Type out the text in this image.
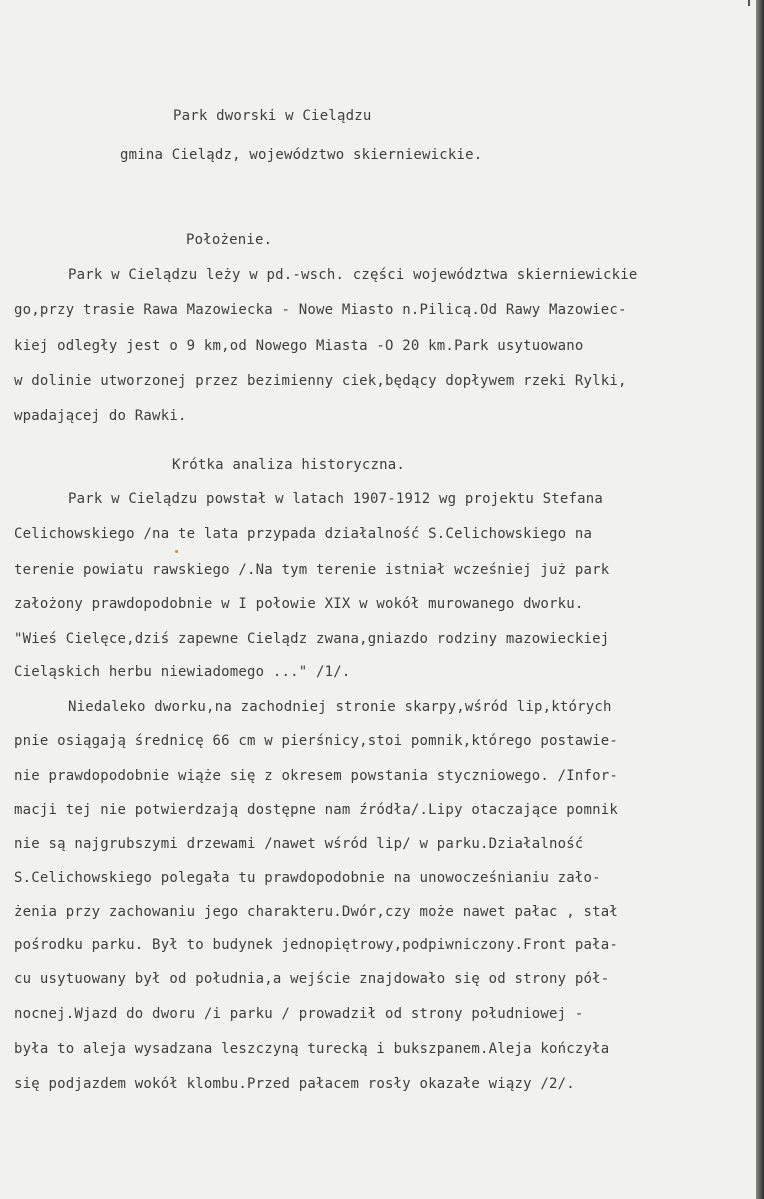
Park dworski w Cielądzu
gmina Cielądz, województwo skierniewickie.
Położenie.
Park w Cielądzu leży w pd.-wsch. części województwa skierniewickie
go,przy trasie Rawa Mazowiecka - Nowe Miasto n.Pilicą.Od Rawy Mazowiec-
kiej odległy jest o 9 km,od Nowego Miasta -O 20 km.Park usytuowano
w dolinie utworzonej przez bezimienny ciek,będący dopływem rzeki Rylki,
wpadającej do Rawki.
Krótka analiza historyczna.
Park w Cielądzu powstał w latach 1907-1912 wg projektu Stefana
Celichowskiego /na te lata przypada działalność S.Celichowskiego na
terenie powiatu rawskiego /.Na tym terenie istniał wcześniej już park
założony prawdopodobnie w I połowie XIX w wokół murowanego dworku.
"Wieś Cielęce,dziś zapewne Cielądz zwana,gniazdo rodziny mazowieckiej
Cieląskich herbu niewiadomego ..." /1/.
Niedaleko dworku,na zachodniej stronie skarpy,wśród lip,których
pnie osiągają średnicę 66 cm w pierśnicy,stoi pomnik,którego postawie-
nie prawdopodobnie wiąże się z okresem powstania styczniowego. /Infor-
macji tej nie potwierdzają dostępne nam źródła/.Lipy otaczające pomnik
nie są najgrubszymi drzewami /nawet wśród lip/ w parku.Działalność
S.Celichowskiego polegała tu prawdopodobnie na unowocześnianiu zało-
żenia przy zachowaniu jego charakteru.Dwór,czy może nawet pałac , stał
pośrodku parku. Był to budynek jednopiętrowy,podpiwniczony.Front pała-
cu usytuowany był od południa,a wejście znajdowało się od strony pół-
nocnej.Wjazd do dworu /i parku / prowadził od strony południowej -
była to aleja wysadzana leszczyną turecką i bukszpanem.Aleja kończyła
się podjazdem wokół klombu.Przed pałacem rosły okazałe wiązy /2/.
